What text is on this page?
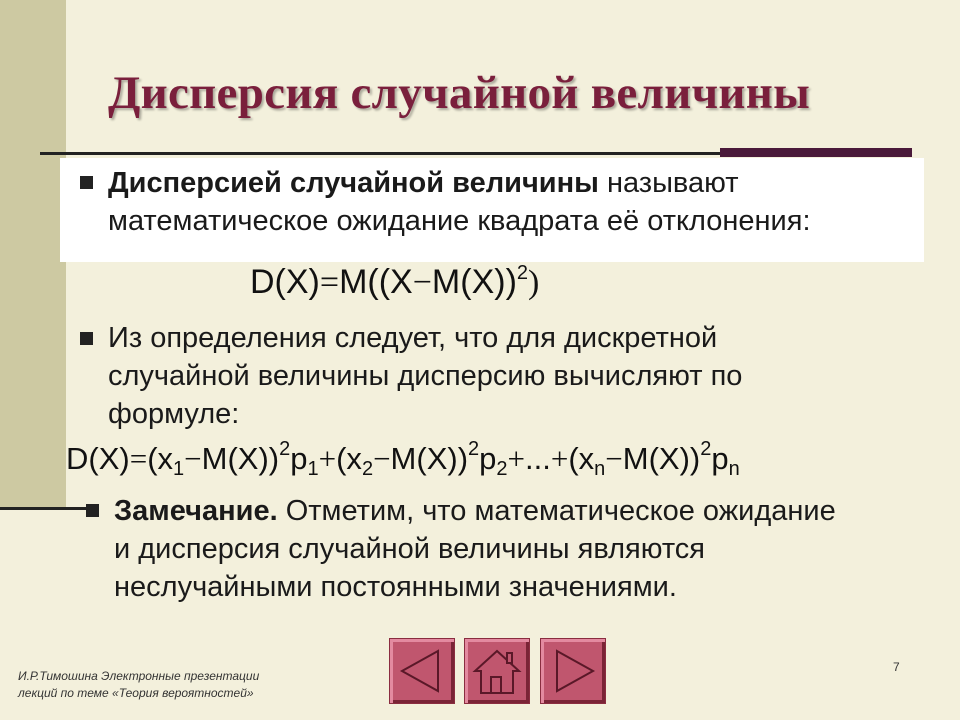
Дисперсия случайной величины
Дисперсией случайной величины называют
математическое ожидание квадрата её отклонения:
$D(X)=M((X-M(X))^2)$
Из определения следует, что для дискретной
случайной величины дисперсию вычисляют по
формуле:
$D(X)=(x_1-M(X))^2p_1+(x_2-M(X))^2p_2+...+(x_n-M(X))^2p_n$
Замечание. Отметим, что математическое ожидание
и дисперсия случайной величины являются
неслучайными постоянными значениями.
И.Р.Тимошина Электронные презентации
лекций по теме «Теория вероятностей»
7
